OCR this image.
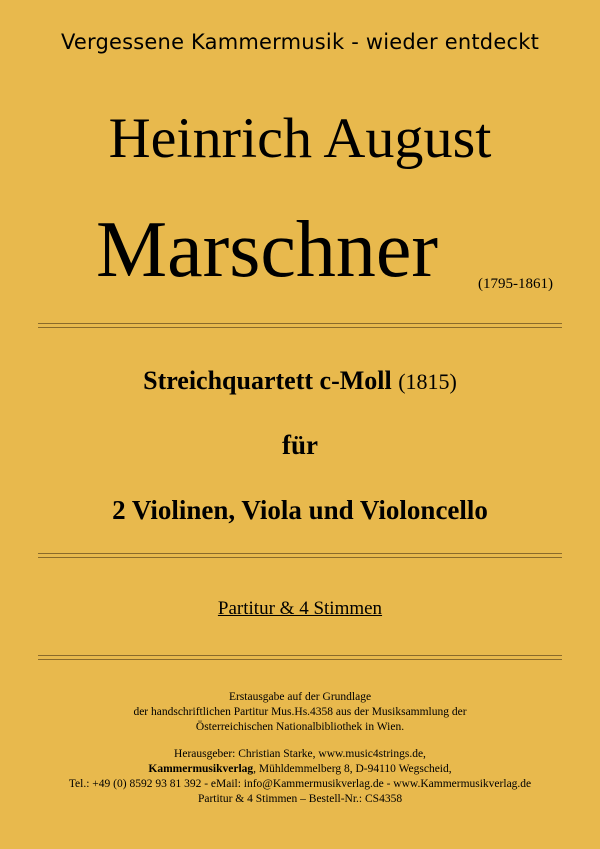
Vergessene Kammermusik - wieder entdeckt
Heinrich August
Marschner	(1795-1861)
Streichquartett c-Moll (1815)
für
2 Violinen, Viola und Violoncello
Partitur & 4 Stimmen
Erstausgabe auf der Grundlage
der handschriftlichen Partitur Mus.Hs.4358 aus der Musiksammlung der
Österreichischen Nationalbibliothek in Wien.
Herausgeber: Christian Starke, www.music4strings.de,
Kammermusikverlag, Mühldemmelberg 8, D-94110 Wegscheid,
Tel.: +49 (0) 8592 93 81 392 - eMail: info@Kammermusikverlag.de - www.Kammermusikverlag.de
Partitur & 4 Stimmen – Bestell-Nr.: CS4358
